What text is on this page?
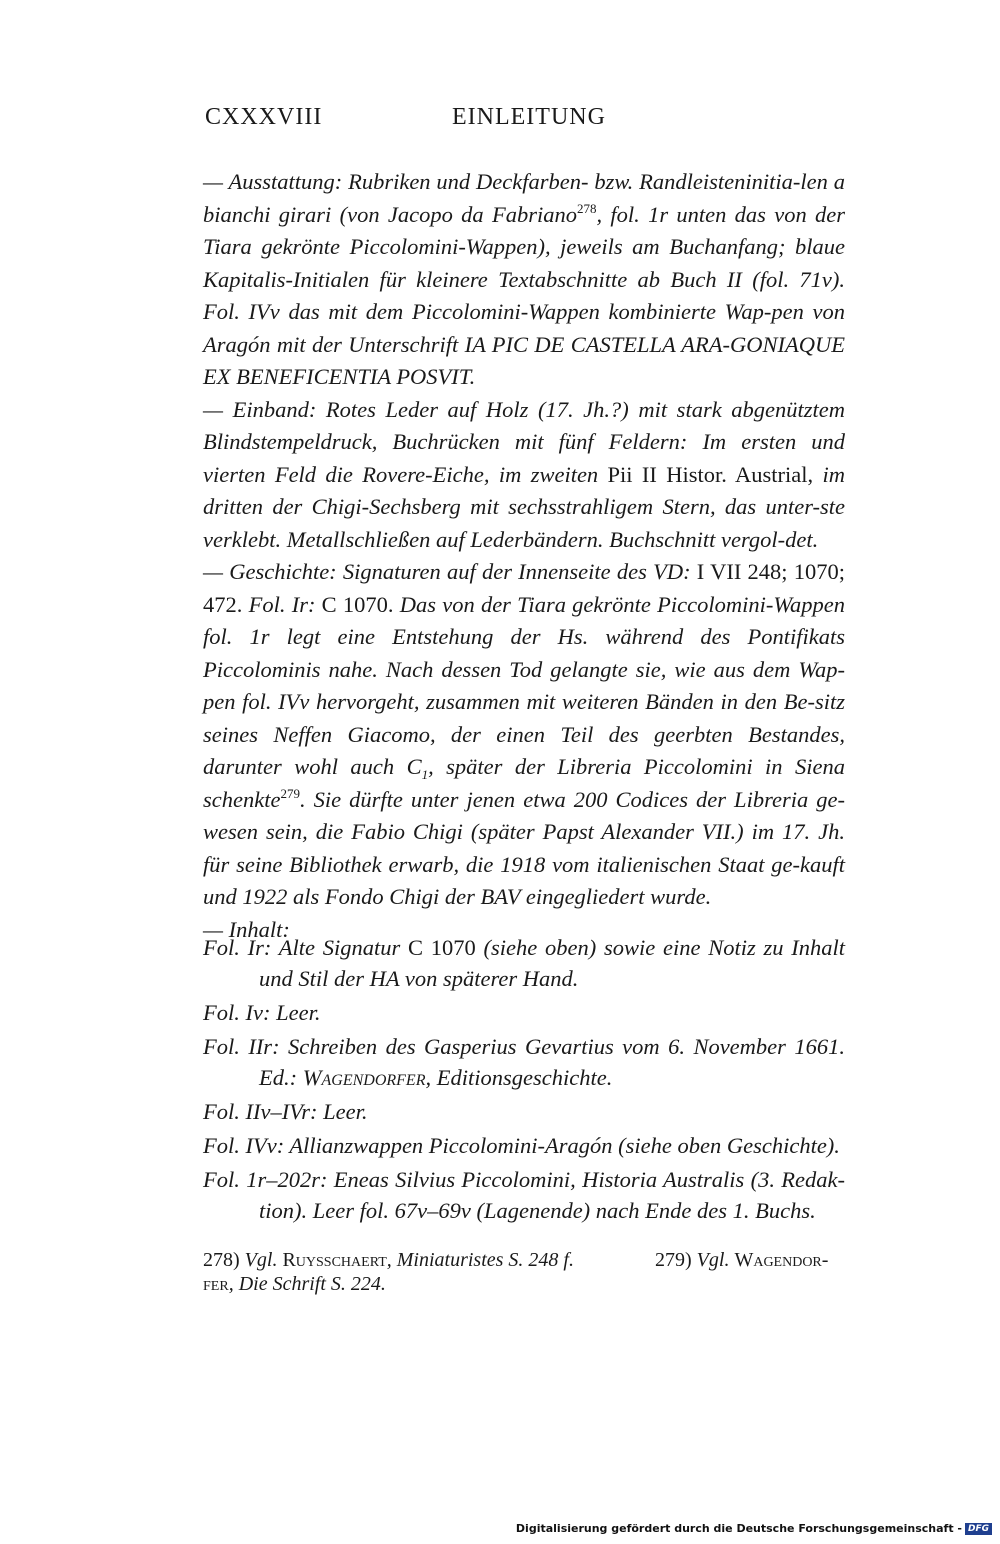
CXXXVIII	EINLEITUNG

— Ausstattung: Rubriken und Deckfarben- bzw. Randleisteninitia-len a bianchi girari (von Jacopo da Fabriano$^{278}$, fol. 1r unten das von der Tiara gekrönte Piccolomini-Wappen), jeweils am Buchanfang; blaue Kapitalis-Initialen für kleinere Textabschnitte ab Buch II (fol. 71v). Fol. IVv das mit dem Piccolomini-Wappen kombinierte Wap-pen von Aragón mit der Unterschrift IA PIC DE CASTELLA ARA-GONIAQUE EX BENEFICENTIA POSVIT.

— Einband: Rotes Leder auf Holz (17. Jh.?) mit stark abgenütztem Blindstempeldruck, Buchrücken mit fünf Feldern: Im ersten und vierten Feld die Rovere-Eiche, im zweiten Pii II Histor. Austrial, im dritten der Chigi-Sechsberg mit sechsstrahligem Stern, das unter-ste verklebt. Metallschließen auf Lederbändern. Buchschnitt vergol-det.

— Geschichte: Signaturen auf der Innenseite des VD: I VII 248; 1070; 472. Fol. Ir: C 1070. Das von der Tiara gekrönte Piccolomini-Wappen fol. 1r legt eine Entstehung der Hs. während des Pontifikats Piccolominis nahe. Nach dessen Tod gelangte sie, wie aus dem Wap-pen fol. IVv hervorgeht, zusammen mit weiteren Bänden in den Be-sitz seines Neffen Giacomo, der einen Teil des geerbten Bestandes, darunter wohl auch $C_1$, später der Libreria Piccolomini in Siena schenkte$^{279}$. Sie dürfte unter jenen etwa 200 Codices der Libreria ge-wesen sein, die Fabio Chigi (später Papst Alexander VII.) im 17. Jh. für seine Bibliothek erwarb, die 1918 vom italienischen Staat ge-kauft und 1922 als Fondo Chigi der BAV eingegliedert wurde.

— Inhalt:

Fol. Ir: Alte Signatur C 1070 (siehe oben) sowie eine Notiz zu Inhalt und Stil der HA von späterer Hand.

Fol. Iv: Leer.

Fol. IIr: Schreiben des Gasperius Gevartius vom 6. November 1661. Ed.: Wagendorfer, Editionsgeschichte.

Fol. IIv–IVr: Leer.

Fol. IVv: Allianzwappen Piccolomini-Aragón (siehe oben Geschichte).

Fol. 1r–202r: Eneas Silvius Piccolomini, Historia Australis (3. Redak-tion). Leer fol. 67v–69v (Lagenende) nach Ende des 1. Buchs.

278) Vgl. Ruysschaert, Miniaturistes S. 248 f.	279) Vgl. Wagendor-
fer, Die Schrift S. 224.
Digitalisierung gefördert durch die Deutsche Forschungsgemeinschaft - DFG
